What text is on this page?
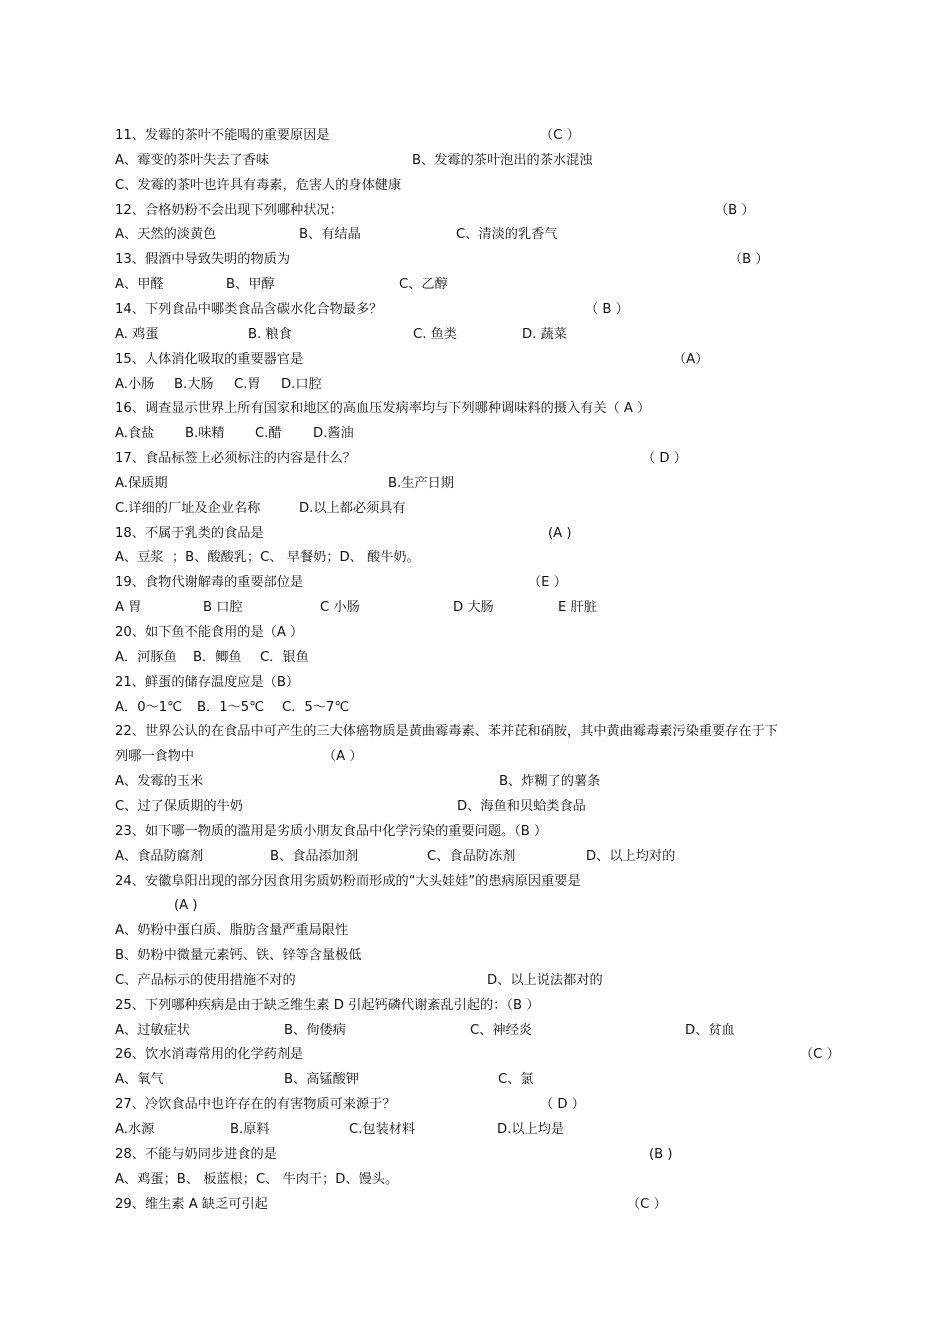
11、发霉的茶叶不能喝的重要原因是	（C ）
A、霉变的茶叶失去了香味	B、发霉的茶叶泡出的茶水混浊
C、发霉的茶叶也许具有毒素，危害人的身体健康
12、合格奶粉不会出现下列哪种状况：	（B ）
A、天然的淡黄色	B、有结晶	C、清淡的乳香气
13、假酒中导致失明的物质为	（B ）
A、甲醛	B、甲醇	C、乙醇
14、下列食品中哪类食品含碳水化合物最多？	（ B ）
A. 鸡蛋	B. 粮食	C. 鱼类	D. 蔬菜
15、人体消化吸取的重要器官是	（A）
A.小肠 B.大肠 C.胃 D.口腔
16、调查显示世界上所有国家和地区的高血压发病率均与下列哪种调味料的摄入有关（ A ）
A.食盐 B.味精 C.醋 D.酱油
17、食品标签上必须标注的内容是什么？	（ D ）
A.保质期	B.生产日期
C.详细的厂址及企业名称	D.以上都必须具有
18、不属于乳类的食品是	(A )
A、豆浆 ；B、酸酸乳；C、 早餐奶；D、 酸牛奶。
19、食物代谢解毒的重要部位是	（E ）
A 胃	B 口腔	C 小肠	D 大肠	E 肝脏
20、如下鱼不能食用的是（A ）
A．河豚鱼 B．鲫鱼 C．银鱼
21、鲜蛋的储存温度应是（B）
A．0～1℃ B．1～5℃ C．5～7℃
22、世界公认的在食品中可产生的三大体癌物质是黄曲霉毒素、苯并芘和硝胺，其中黄曲霉毒素污染重要存在于下
列哪一食物中	（A ）
A、发霉的玉米	B、炸糊了的薯条
C、过了保质期的牛奶	D、海鱼和贝蛤类食品
23、如下哪一物质的滥用是劣质小朋友食品中化学污染的重要问题。（B ）
A、食品防腐剂	B、食品添加剂	C、食品防冻剂	D、以上均对的
24、安徽阜阳出现的部分因食用劣质奶粉而形成的“大头娃娃”的患病原因重要是
(A )
A、奶粉中蛋白质、脂肪含量严重局限性
B、奶粉中微量元素钙、铁、锌等含量极低
C、产品标示的使用措施不对的	D、以上说法都对的
25、下列哪种疾病是由于缺乏维生素 D 引起钙磷代谢紊乱引起的：（B ）
A、过敏症状	B、佝偻病	C、神经炎	D、贫血
26、饮水消毒常用的化学药剂是	（C ）
A、氧气	B、高锰酸钾	C、氯
27、冷饮食品中也许存在的有害物质可来源于？	（ D ）
A.水源	B.原料	C.包装材料	D.以上均是
28、不能与奶同步进食的是	(B )
A、鸡蛋；B、 板蓝根；C、 牛肉干；D、馒头。
29、维生素 A 缺乏可引起	（C ）
